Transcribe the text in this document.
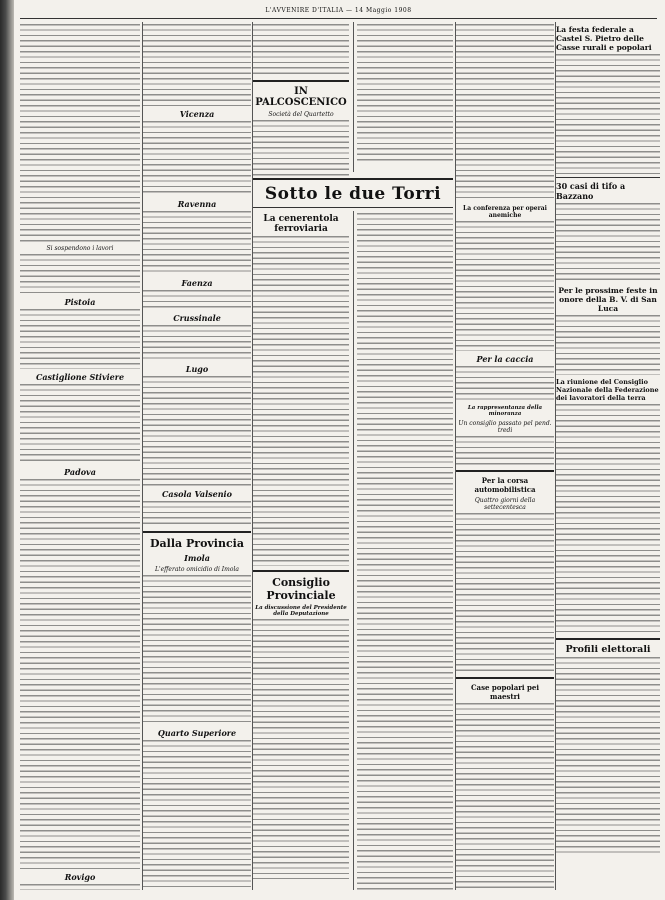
L'AVVENIRE D'ITALIA — 14 Maggio 1908
Si sospendono i lavori
Pistoia
Castiglione Stiviere
Padova
Rovigo
Vicenza
Ravenna
Faenza
Crussinale
Lugo
Casola Valsenio
Dalla Provincia
Imola
L'efferato omicidio di Imola
Quarto Superiore
IN PALCOSCENICO
Società del Quartetto
Sotto le due Torri
La cenerentola ferroviaria
Consiglio Provinciale
La discussione del Presidente della Deputazione
La conferenza per operai anemiche
Per la caccia
La rappresentanza della minoranza
Un consiglio passato pel pend. tredi
Per la corsa automobilistica
Quattro giorni della settecentesca
Case popolari pei maestri
La festa federale a Castel S. Pietro delle Casse rurali e popolari
30 casi di tifo a Bazzano
Per le prossime feste in onore della B. V. di San Luca
La riunione del Consiglio Nazionale della Federazione dei lavoratori della terra
Profili elettorali
